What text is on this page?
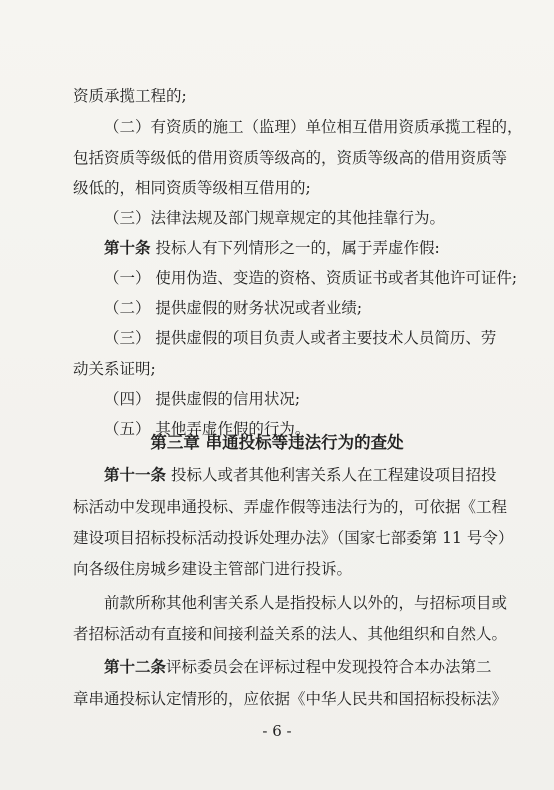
资质承揽工程的;
（二）有资质的施工（监理）单位相互借用资质承揽工程的，
包括资质等级低的借用资质等级高的，资质等级高的借用资质等
级低的，相同资质等级相互借用的;
（三）法律法规及部门规章规定的其他挂靠行为。
第十条 投标人有下列情形之一的，属于弄虚作假:
（一） 使用伪造、变造的资格、资质证书或者其他许可证件;
（二） 提供虚假的财务状况或者业绩;
（三） 提供虚假的项目负责人或者主要技术人员简历、劳
动关系证明;
（四） 提供虚假的信用状况;
（五） 其他弄虚作假的行为。
第三章 串通投标等违法行为的查处
第十一条 投标人或者其他利害关系人在工程建设项目招投
标活动中发现串通投标、弄虚作假等违法行为的，可依据《工程
建设项目招标投标活动投诉处理办法》（国家七部委第 11 号令）
向各级住房城乡建设主管部门进行投诉。
前款所称其他利害关系人是指投标人以外的，与招标项目或
者招标活动有直接和间接利益关系的法人、其他组织和自然人。
第十二条评标委员会在评标过程中发现投符合本办法第二
章串通投标认定情形的，应依据《中华人民共和国招标投标法》
- 6 -
